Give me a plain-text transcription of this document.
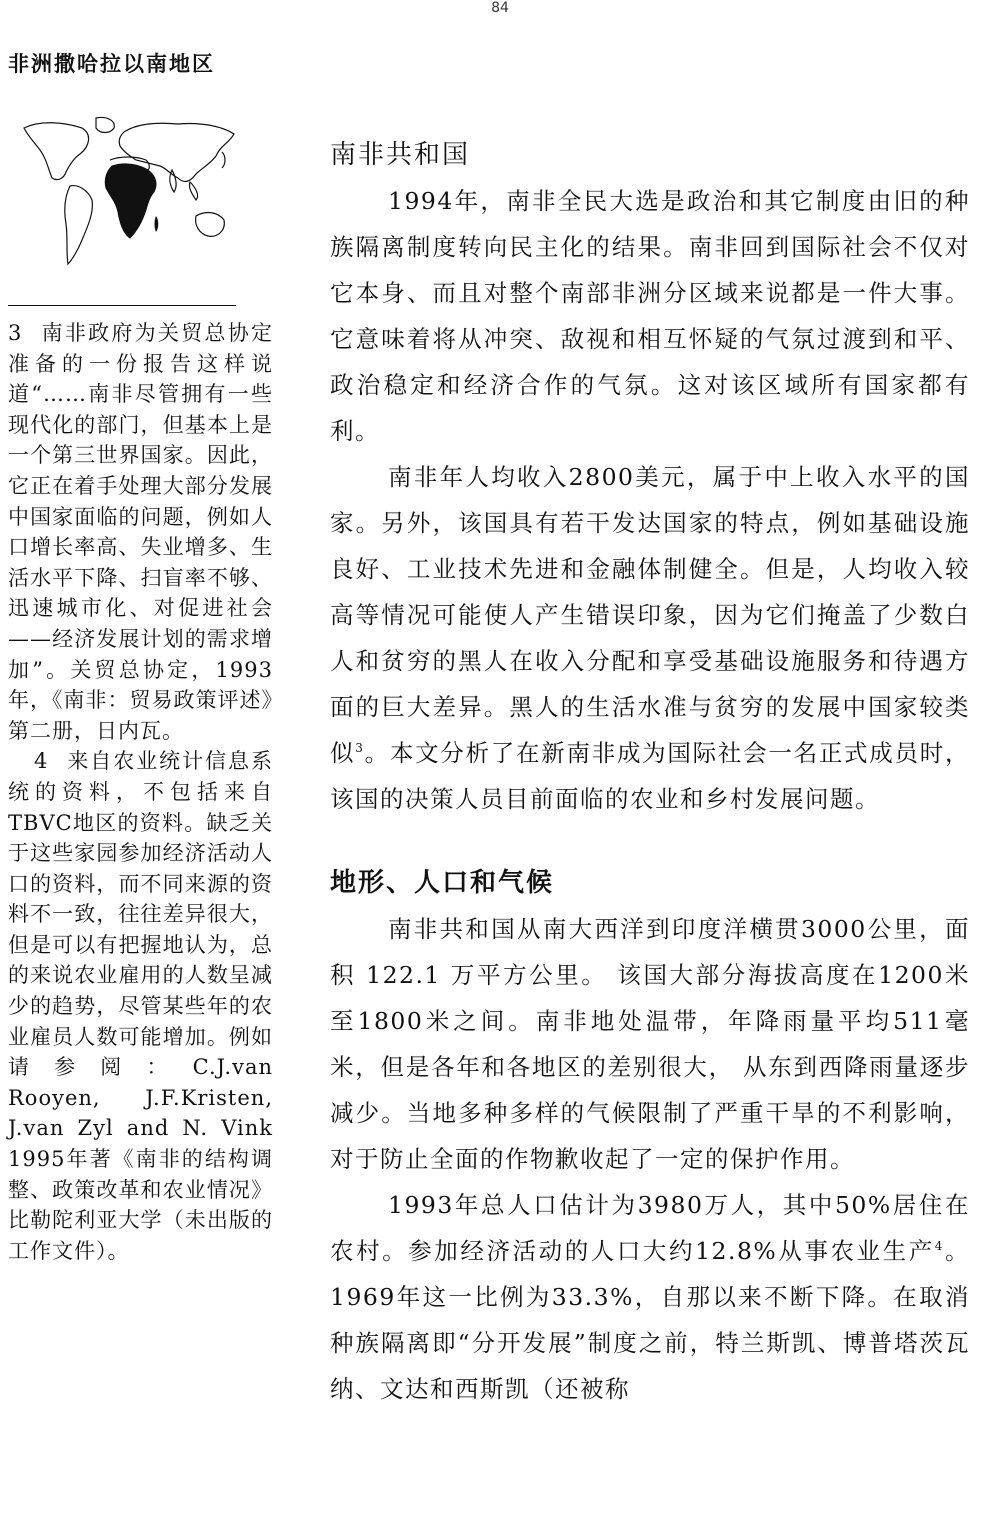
84
非洲撒哈拉以南地区

3 南非政府为关贸总协定准备的一份报告这样说道“……南非尽管拥有一些现代化的部门，但基本上是一个第三世界国家。因此，它正在着手处理大部分发展中国家面临的问题，例如人口增长率高、失业增多、生活水平下降、扫盲率不够、迅速城市化、对促进社会——经济发展计划的需求增加”。关贸总协定，1993年，《南非：贸易政策评述》第二册，日内瓦。

4 来自农业统计信息系统的资料，不包括来自TBVC地区的资料。缺乏关于这些家园参加经济活动人口的资料，而不同来源的资料不一致，往往差异很大，但是可以有把握地认为，总的来说农业雇用的人数呈减少的趋势，尽管某些年的农业雇员人数可能增加。例如请参阅：C.J.van Rooyen, J.F.Kristen, J.van Zyl and N. Vink 1995年著《南非的结构调整、政策改革和农业情况》比勒陀利亚大学（未出版的工作文件）。

南非共和国

1994年，南非全民大选是政治和其它制度由旧的种族隔离制度转向民主化的结果。南非回到国际社会不仅对它本身、而且对整个南部非洲分区域来说都是一件大事。它意味着将从冲突、敌视和相互怀疑的气氛过渡到和平、政治稳定和经济合作的气氛。这对该区域所有国家都有利。

南非年人均收入2800美元，属于中上收入水平的国家。另外，该国具有若干发达国家的特点，例如基础设施良好、工业技术先进和金融体制健全。但是，人均收入较高等情况可能使人产生错误印象，因为它们掩盖了少数白人和贫穷的黑人在收入分配和享受基础设施服务和待遇方面的巨大差异。黑人的生活水准与贫穷的发展中国家较类似$^3$。本文分析了在新南非成为国际社会一名正式成员时，该国的决策人员目前面临的农业和乡村发展问题。

地形、人口和气候

南非共和国从南大西洋到印度洋横贯3000公里，面积 122.1 万平方公里。 该国大部分海拔高度在1200米至1800米之间。南非地处温带，年降雨量平均511毫米，但是各年和各地区的差别很大， 从东到西降雨量逐步减少。当地多种多样的气候限制了严重干旱的不利影响，对于防止全面的作物歉收起了一定的保护作用。

1993年总人口估计为3980万人，其中50%居住在农村。参加经济活动的人口大约12.8%从事农业生产$^4$。1969年这一比例为33.3%，自那以来不断下降。在取消种族隔离即“分开发展”制度之前，特兰斯凯、博普塔茨瓦纳、文达和西斯凯（还被称
